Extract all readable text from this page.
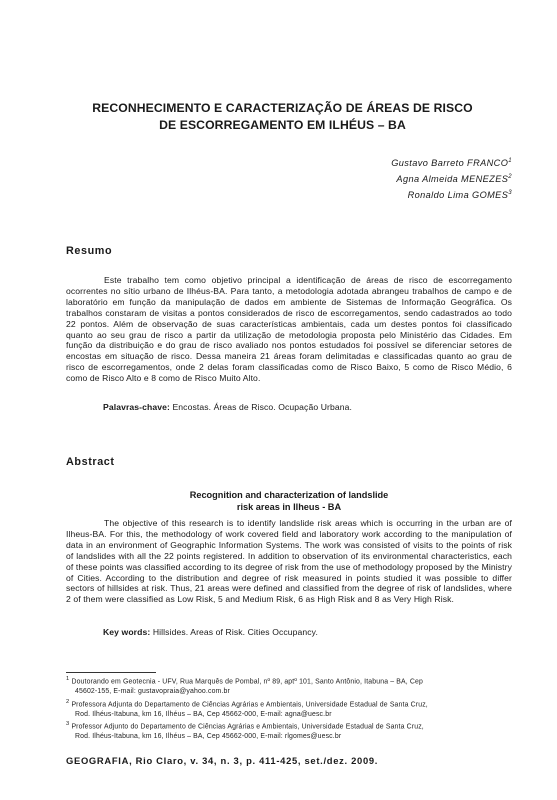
RECONHECIMENTO E CARACTERIZAÇÃO DE ÁREAS DE RISCO
DE ESCORREGAMENTO EM ILHÉUS – BA
Gustavo Barreto FRANCO$^1$
Agna Almeida MENEZES$^2$
Ronaldo Lima GOMES$^3$
Resumo
Este trabalho tem como objetivo principal a identificação de áreas de risco de escorregamento ocorrentes no sítio urbano de Ilhéus-BA. Para tanto, a metodologia adotada abrangeu trabalhos de campo e de laboratório em função da manipulação de dados em ambiente de Sistemas de Informação Geográfica. Os trabalhos constaram de visitas a pontos considerados de risco de escorregamentos, sendo cadastrados ao todo 22 pontos. Além de observação de suas características ambientais, cada um destes pontos foi classificado quanto ao seu grau de risco a partir da utilização de metodologia proposta pelo Ministério das Cidades. Em função da distribuição e do grau de risco avaliado nos pontos estudados foi possível se diferenciar setores de encostas em situação de risco. Dessa maneira 21 áreas foram delimitadas e classificadas quanto ao grau de risco de escorregamentos, onde 2 delas foram classificadas como de Risco Baixo, 5 como de Risco Médio, 6 como de Risco Alto e 8 como de Risco Muito Alto.
Palavras-chave: Encostas. Áreas de Risco. Ocupação Urbana.
Abstract
Recognition and characterization of landslide
risk areas in Ilheus - BA
The objective of this research is to identify landslide risk areas which is occurring in the urban are of Ilheus-BA. For this, the methodology of work covered field and laboratory work according to the manipulation of data in an environment of Geographic Information Systems. The work was consisted of visits to the points of risk of landslides with all the 22 points registered. In addition to observation of its environmental characteristics, each of these points was classified according to its degree of risk from the use of methodology proposed by the Ministry of Cities. According to the distribution and degree of risk measured in points studied it was possible to differ sectors of hillsides at risk. Thus, 21 areas were defined and classified from the degree of risk of landslides, where 2 of them were classified as Low Risk, 5 and Medium Risk, 6 as High Risk and 8 as Very High Risk.
Key words: Hillsides. Areas of Risk. Cities Occupancy.
$^1$ Doutorando em Geotecnia - UFV, Rua Marquês de Pombal, nº 89, aptº 101, Santo Antônio, Itabuna – BA, Cep
45602-155, E-mail: gustavopraia@yahoo.com.br
$^2$ Professora Adjunta do Departamento de Ciências Agrárias e Ambientais, Universidade Estadual de Santa Cruz,
Rod. Ilhéus-Itabuna, km 16, Ilhéus – BA, Cep 45662-000, E-mail: agna@uesc.br
$^3$ Professor Adjunto do Departamento de Ciências Agrárias e Ambientais, Universidade Estadual de Santa Cruz,
Rod. Ilhéus-Itabuna, km 16, Ilhéus – BA, Cep 45662-000, E-mail: rlgomes@uesc.br
GEOGRAFIA, Rio Claro, v. 34, n. 3, p. 411-425, set./dez. 2009.
